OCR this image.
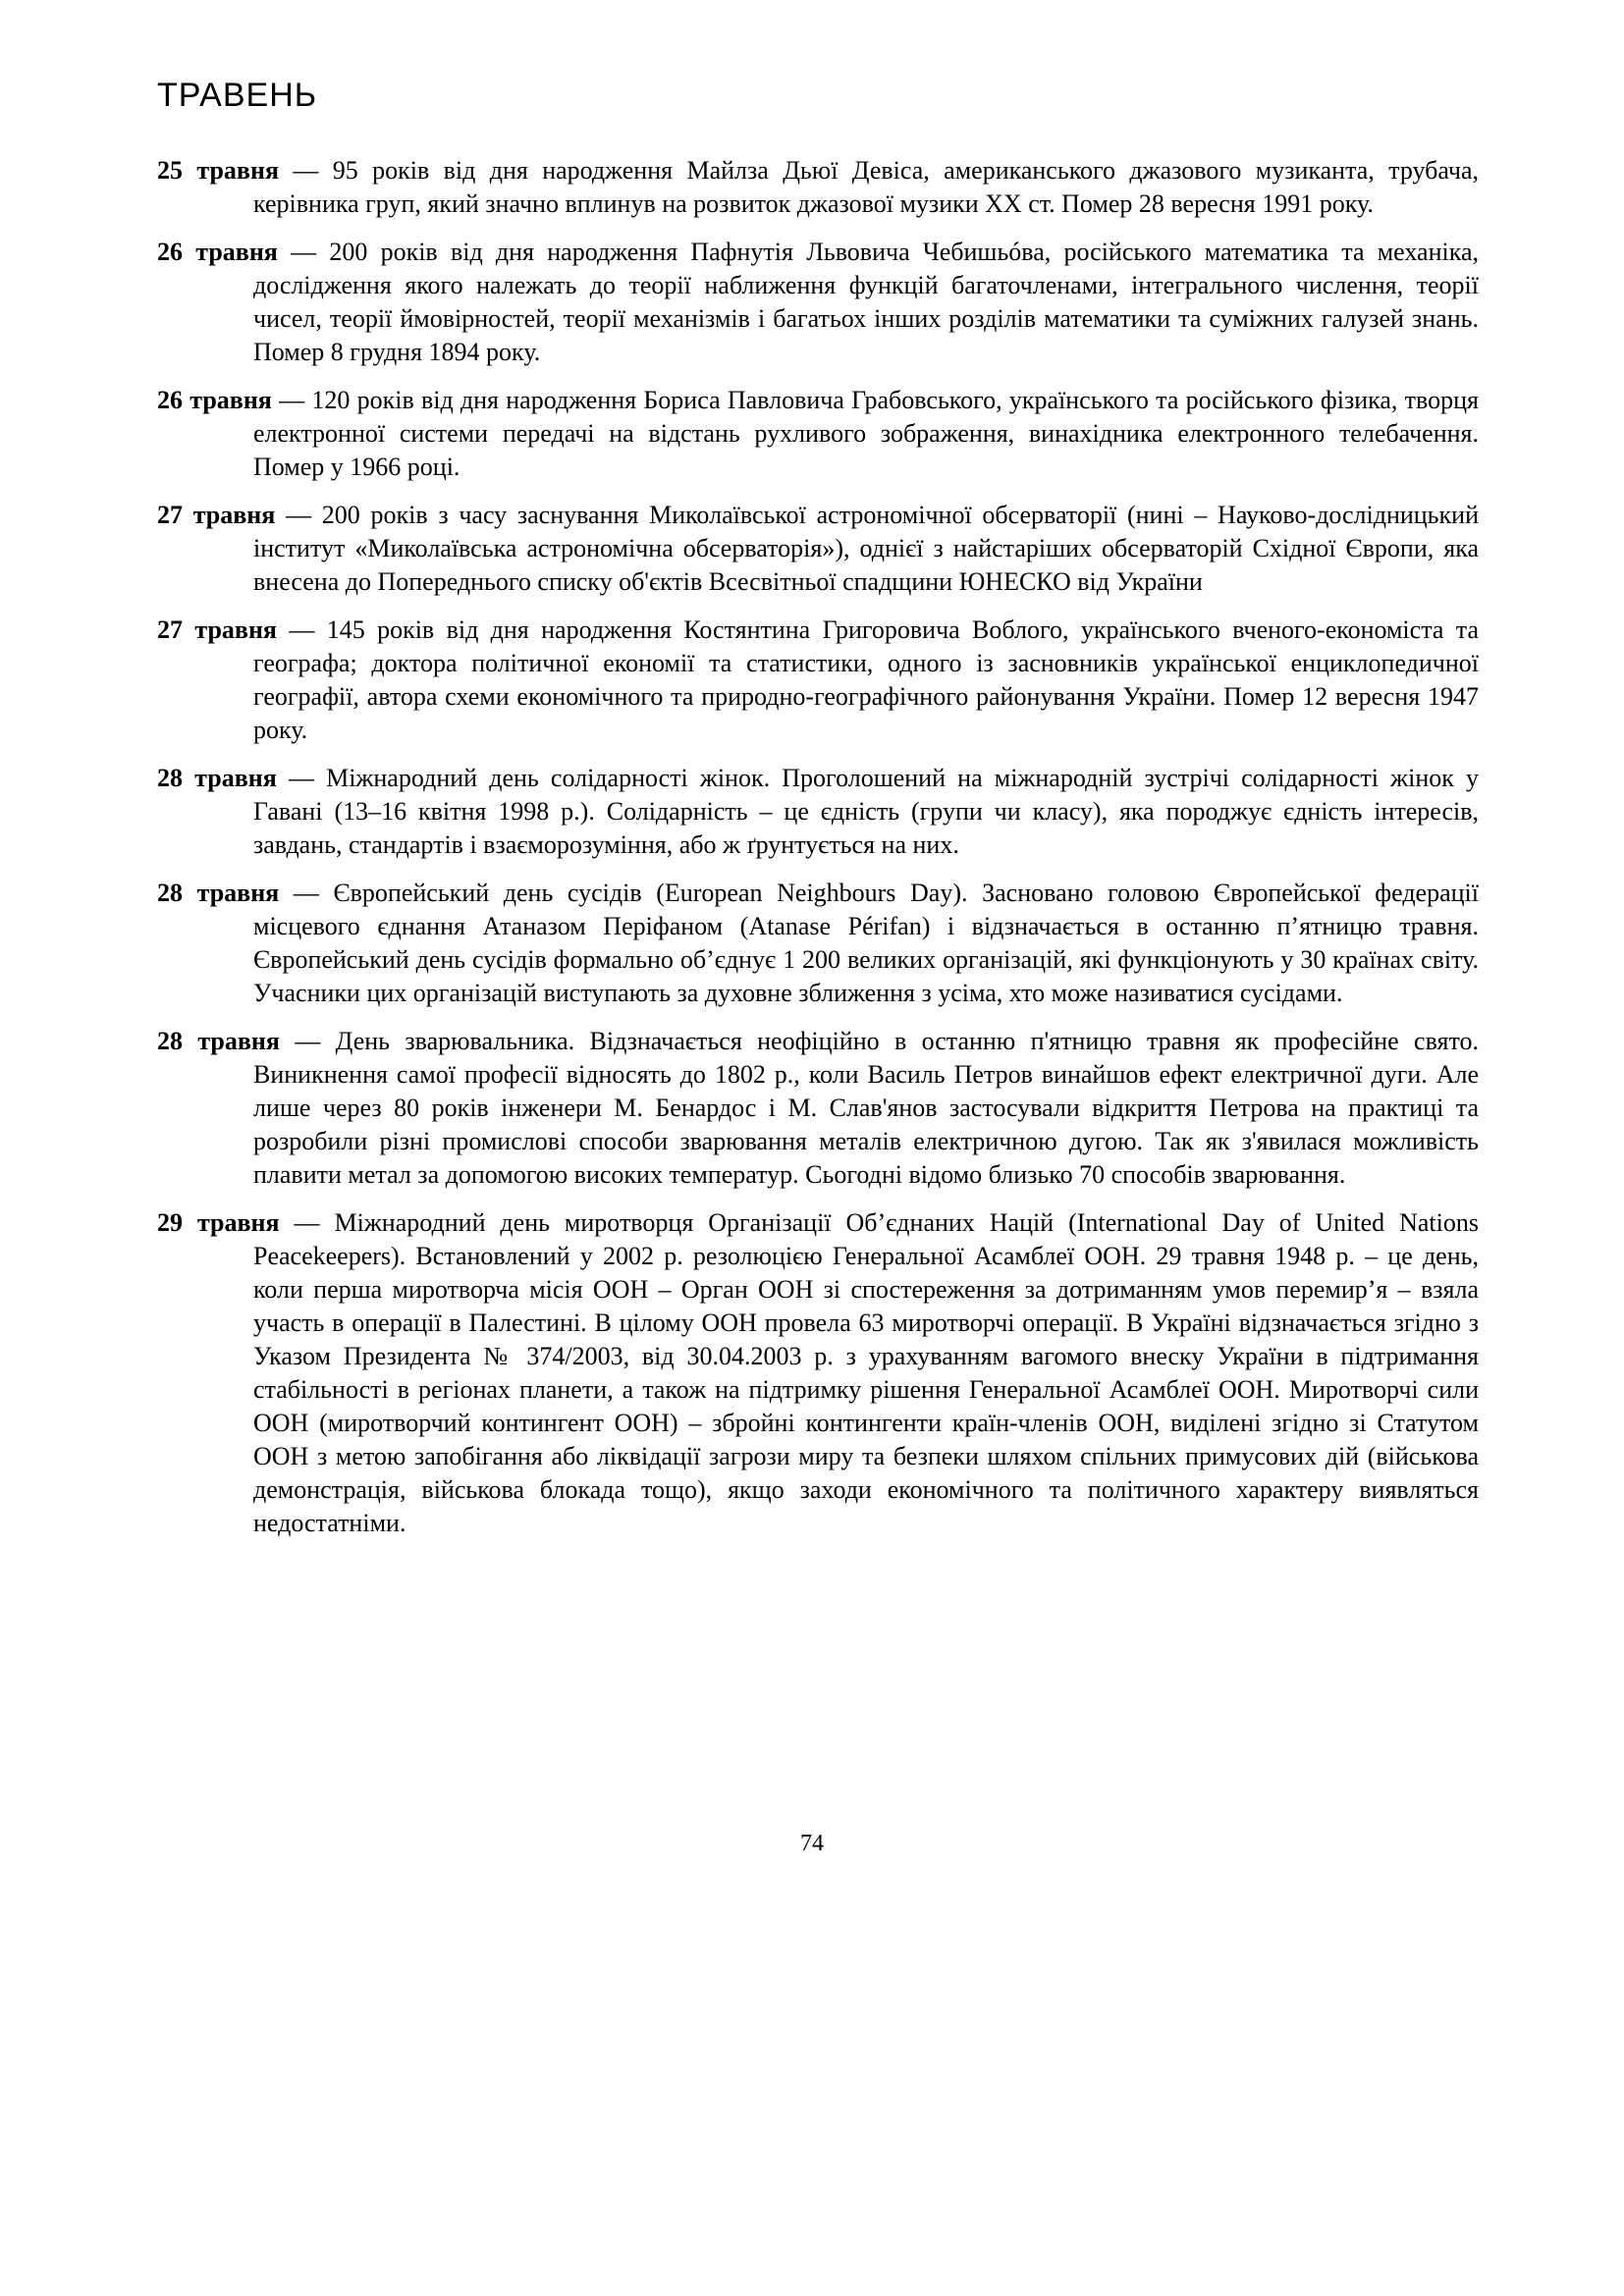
ТРАВЕНЬ
25 травня — 95 років від дня народження Майлза Дьюї Девіса, американського джазового музиканта, трубача, керівника груп, який значно вплинув на розвиток джазової музики XX ст. Помер 28 вересня 1991 року.
26 травня — 200 років від дня народження Пафнутія Львовича Чебишьóва, російського математика та механіка, дослідження якого належать до теорії наближення функцій багаточленами, інтегрального числення, теорії чисел, теорії ймовірностей, теорії механізмів і багатьох інших розділів математики та суміжних галузей знань. Помер 8 грудня 1894 року.
26 травня — 120 років від дня народження Бориса Павловича Грабовського, українського та російського фізика, творця електронної системи передачі на відстань рухливого зображення, винахідника електронного телебачення. Помер у 1966 році.
27 травня — 200 років з часу заснування Миколаївської астрономічної обсерваторії (нині – Науково-дослідницький інститут «Миколаївська астрономічна обсерваторія»), однієї з найстаріших обсерваторій Східної Європи, яка внесена до Попереднього списку об'єктів Всесвітньої спадщини ЮНЕСКО від України
27 травня — 145 років від дня народження Костянтина Григоровича Воблого, українського вченого-економіста та географа; доктора політичної економії та статистики, одного із засновників української енциклопедичної географії, автора схеми економічного та природно-географічного районування України. Помер 12 вересня 1947 року.
28 травня — Міжнародний день солідарності жінок. Проголошений на міжнародній зустрічі солідарності жінок у Гавані (13–16 квітня 1998 р.). Солідарність – це єдність (групи чи класу), яка породжує єдність інтересів, завдань, стандартів і взаєморозуміння, або ж ґрунтується на них.
28 травня — Європейський день сусідів (European Neighbours Day). Засновано головою Європейської федерації місцевого єднання Атаназом Періфаном (Atanase Périfan) і відзначається в останню п’ятницю травня. Європейський день сусідів формально об’єднує 1 200 великих організацій, які функціонують у 30 країнах світу. Учасники цих організацій виступають за духовне зближення з усіма, хто може називатися сусідами.
28 травня — День зварювальника. Відзначається неофіційно в останню п'ятницю травня як професійне свято. Виникнення самої професії відносять до 1802 р., коли Василь Петров винайшов ефект електричної дуги. Але лише через 80 років інженери М. Бенардос і М. Слав'янов застосували відкриття Петрова на практиці та розробили різні промислові способи зварювання металів електричною дугою. Так як з'явилася можливість плавити метал за допомогою високих температур. Сьогодні відомо близько 70 способів зварювання.
29 травня — Міжнародний день миротворця Організації Об’єднаних Націй (International Day of United Nations Peacekeepers). Встановлений у 2002 р. резолюцією Генеральної Асамблеї ООН. 29 травня 1948 р. – це день, коли перша миротворча місія ООН – Орган ООН зі спостереження за дотриманням умов перемир’я – взяла участь в операції в Палестині. В цілому ООН провела 63 миротворчі операції. В Україні відзначається згідно з Указом Президента № 374/2003, від 30.04.2003 р. з урахуванням вагомого внеску України в підтримання стабільності в регіонах планети, а також на підтримку рішення Генеральної Асамблеї ООН. Миротворчі сили ООН (миротворчий контингент ООН) – збройні контингенти країн-членів ООН, виділені згідно зі Статутом ООН з метою запобігання або ліквідації загрози миру та безпеки шляхом спільних примусових дій (військова демонстрація, військова блокада тощо), якщо заходи економічного та політичного характеру виявляться недостатніми.
74
